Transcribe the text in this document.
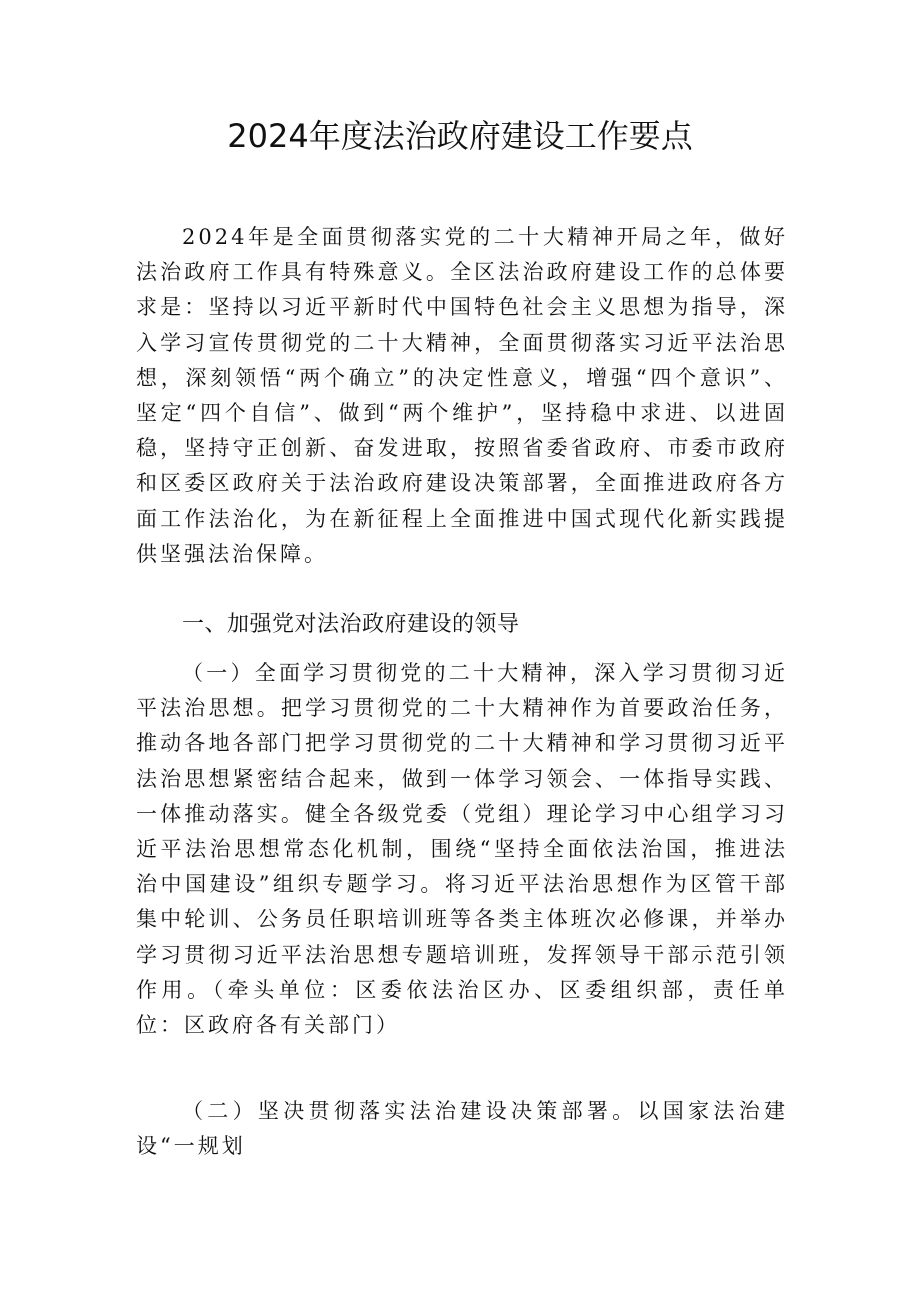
2024年度法治政府建设工作要点

2024年是全面贯彻落实党的二十大精神开局之年，做好法治政府工作具有特殊意义。全区法治政府建设工作的总体要求是：坚持以习近平新时代中国特色社会主义思想为指导，深入学习宣传贯彻党的二十大精神，全面贯彻落实习近平法治思想，深刻领悟“两个确立”的决定性意义，增强“四个意识”、坚定“四个自信”、做到“两个维护”，坚持稳中求进、以进固稳，坚持守正创新、奋发进取，按照省委省政府、市委市政府和区委区政府关于法治政府建设决策部署，全面推进政府各方面工作法治化，为在新征程上全面推进中国式现代化新实践提供坚强法治保障。

一、加强党对法治政府建设的领导

（一）全面学习贯彻党的二十大精神，深入学习贯彻习近平法治思想。把学习贯彻党的二十大精神作为首要政治任务，推动各地各部门把学习贯彻党的二十大精神和学习贯彻习近平法治思想紧密结合起来，做到一体学习领会、一体指导实践、一体推动落实。健全各级党委（党组）理论学习中心组学习习近平法治思想常态化机制，围绕“坚持全面依法治国，推进法治中国建设”组织专题学习。将习近平法治思想作为区管干部集中轮训、公务员任职培训班等各类主体班次必修课，并举办学习贯彻习近平法治思想专题培训班，发挥领导干部示范引领作用。（牵头单位：区委依法治区办、区委组织部，责任单位：区政府各有关部门）

（二）坚决贯彻落实法治建设决策部署。以国家法治建设“一规划
